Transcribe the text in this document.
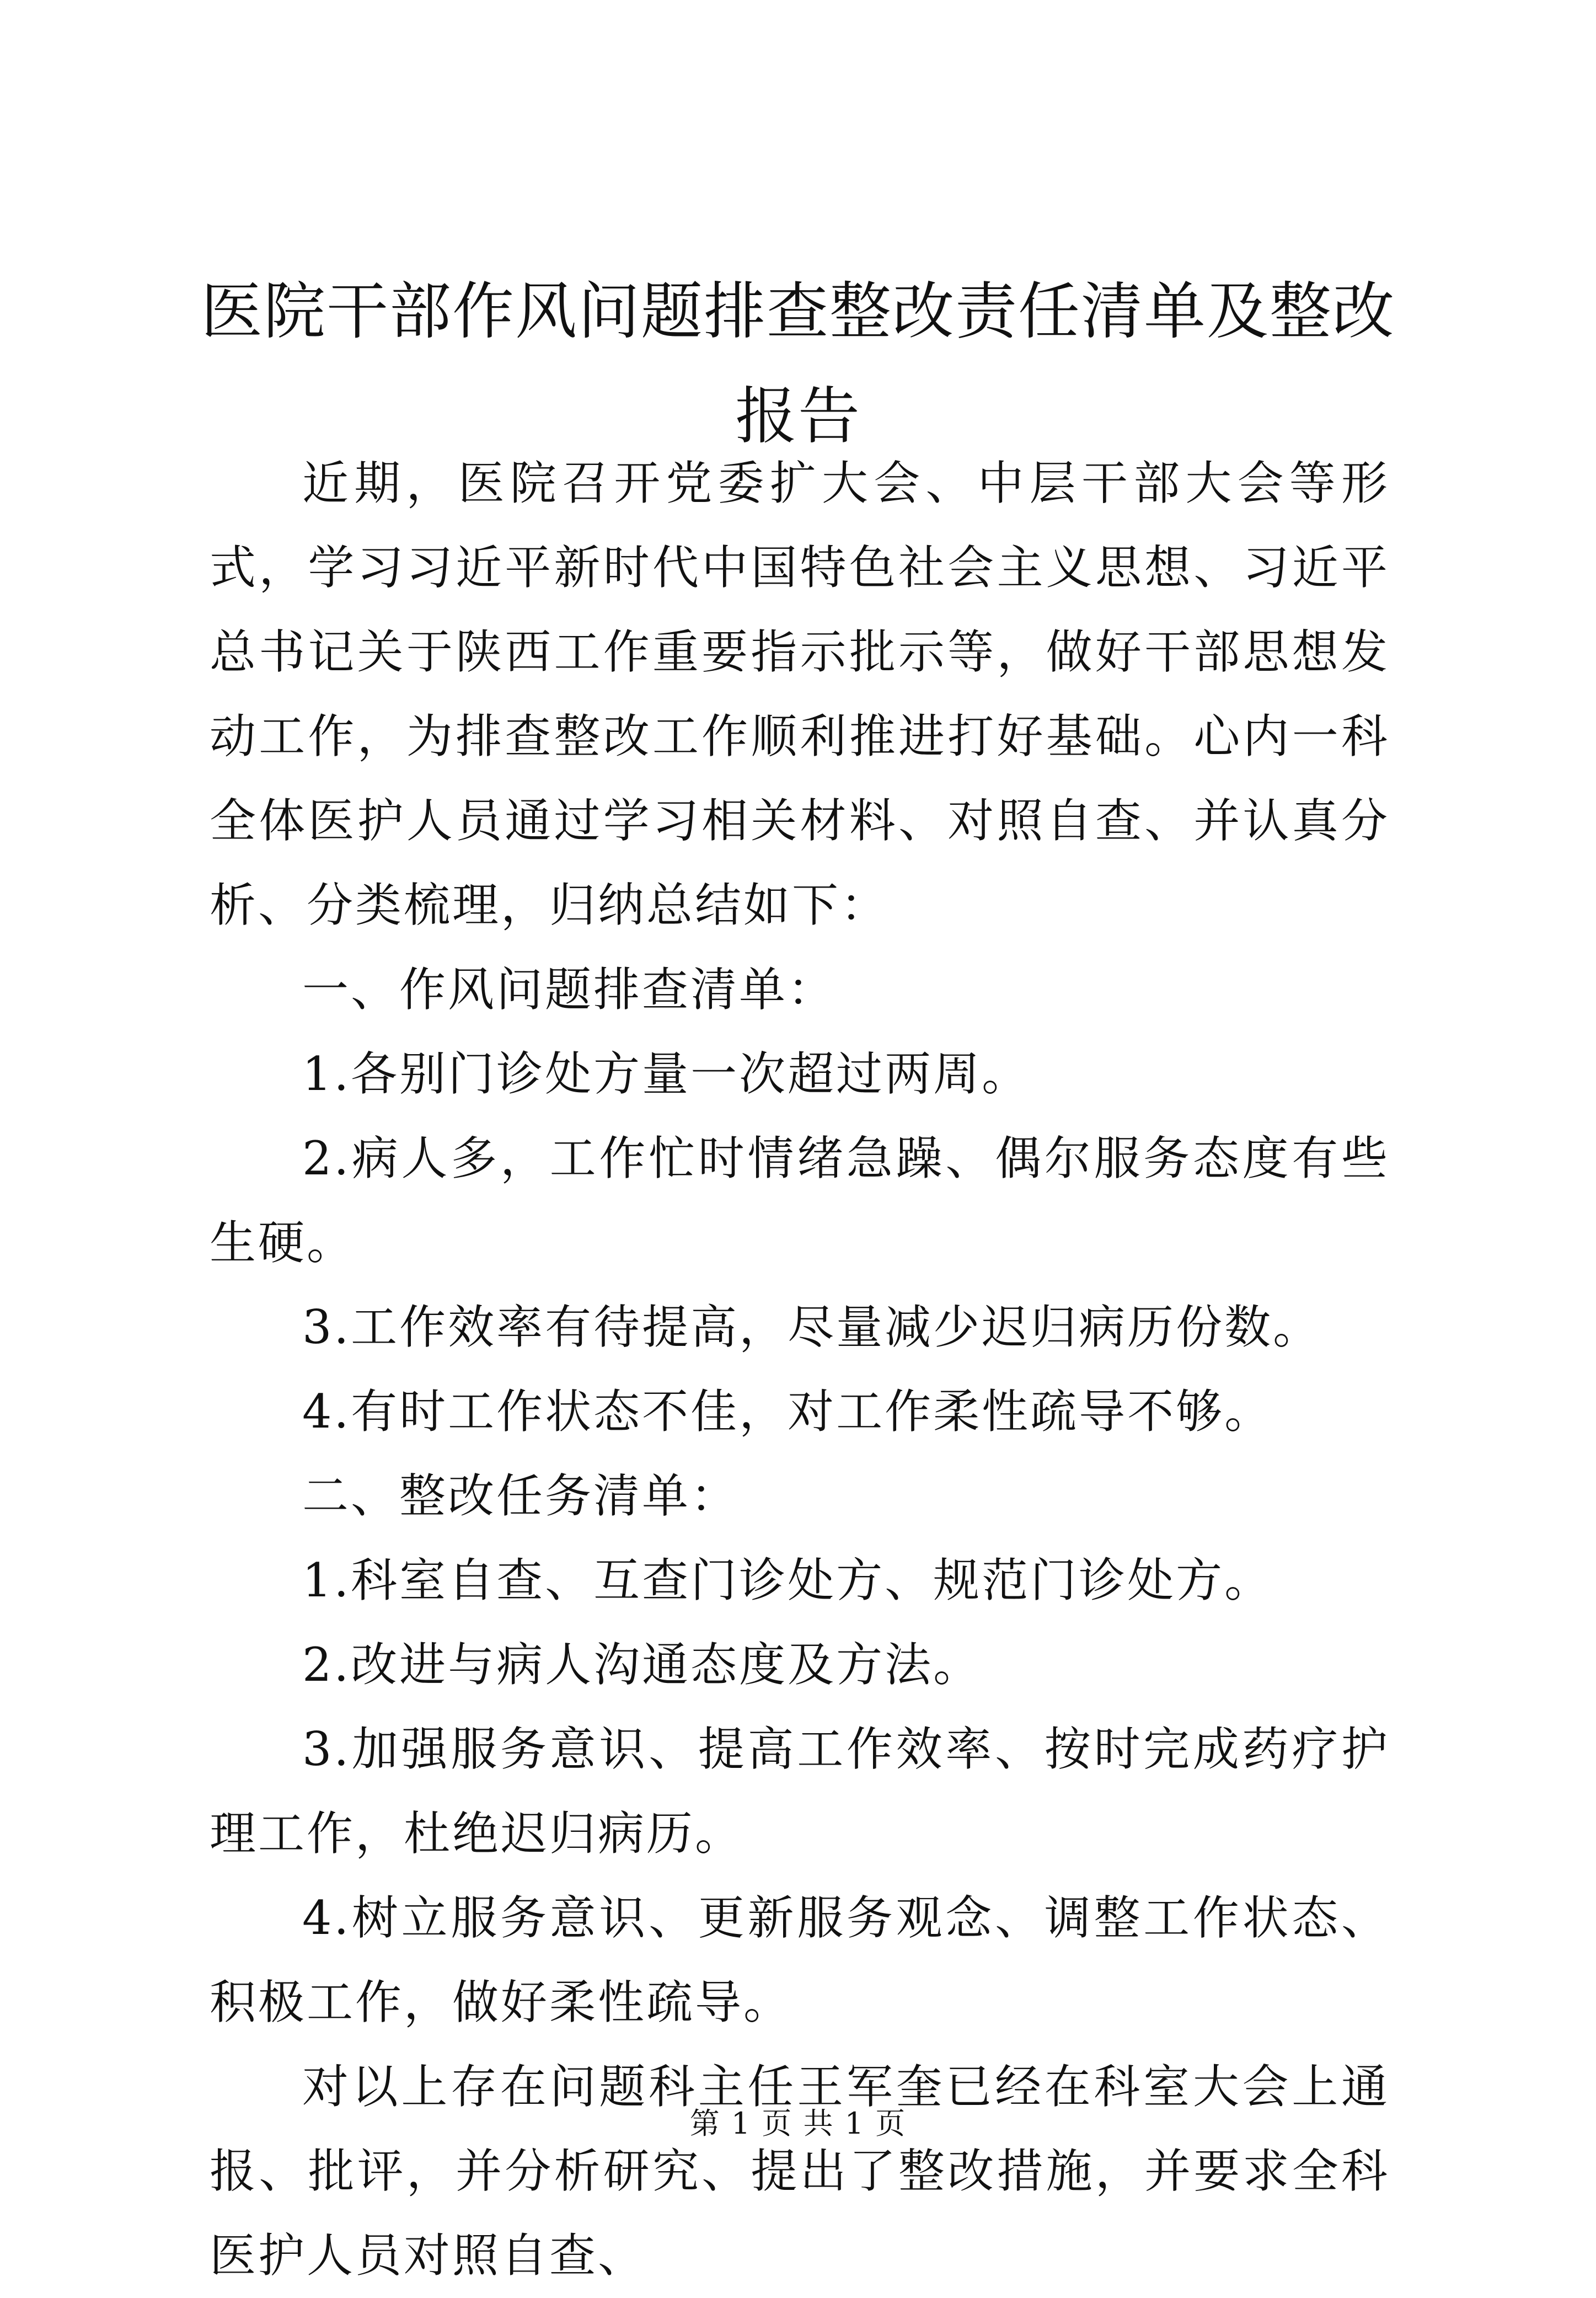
医院干部作风问题排查整改责任清单及整改报告

近期，医院召开党委扩大会、中层干部大会等形式，学习习近平新时代中国特色社会主义思想、习近平总书记关于陕西工作重要指示批示等，做好干部思想发动工作，为排查整改工作顺利推进打好基础。心内一科全体医护人员通过学习相关材料、对照自查、并认真分析、分类梳理，归纳总结如下：

一、作风问题排查清单：

1.各别门诊处方量一次超过两周。

2.病人多，工作忙时情绪急躁、偶尔服务态度有些生硬。

3.工作效率有待提高，尽量减少迟归病历份数。

4.有时工作状态不佳，对工作柔性疏导不够。

二、整改任务清单：

1.科室自查、互查门诊处方、规范门诊处方。

2.改进与病人沟通态度及方法。

3.加强服务意识、提高工作效率、按时完成药疗护理工作，杜绝迟归病历。

4.树立服务意识、更新服务观念、调整工作状态、积极工作，做好柔性疏导。

对以上存在问题科主任王军奎已经在科室大会上通报、批评，并分析研究、提出了整改措施，并要求全科医护人员对照自查、

第 1 页 共 1 页
